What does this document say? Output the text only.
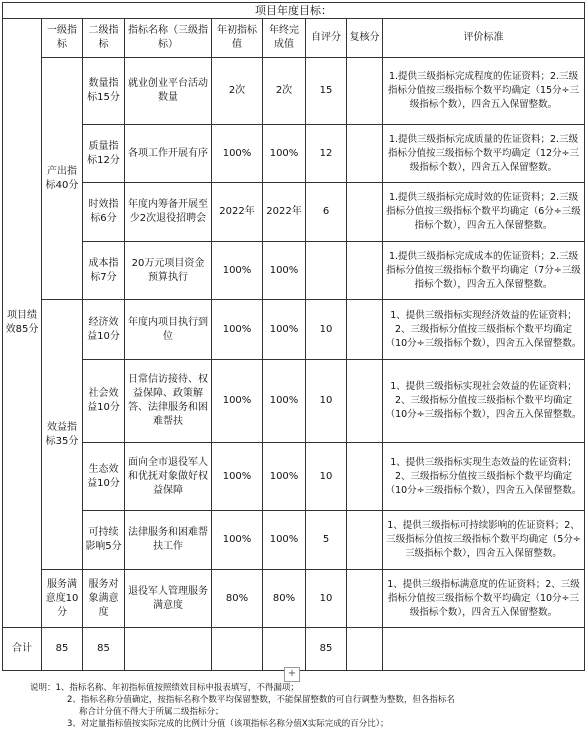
项目年度目标：								
项目绩效85分	一级指标	二级指标	指标名称（三级指标）	年初指标值	年终完成值	自评分	复核分	评价标准
	产出指标40分	数量指标15分	就业创业平台活动数量	2次	2次	15		1.提供三级指标完成程度的佐证资料；2.三级指标分值按三级指标个数平均确定（15分÷三级指标个数），四舍五入保留整数。
		质量指标12分	各项工作开展有序	100%	100%	12		1.提供三级指标完成质量的佐证资料；2.三级指标分值按三级指标个数平均确定（12分÷三级指标个数），四舍五入保留整数。
		时效指标6分	年度内筹备开展至少2次退役招聘会	2022年	2022年	6		1.提供三级指标完成时效的佐证资料；2.三级指标分值按三级指标个数平均确定（6分÷三级指标个数），四舍五入保留整数。
		成本指标7分	20万元项目资金预算执行	100%	100%			1.提供三级指标完成成本的佐证资料；2.三级指标分值按三级指标个数平均确定（7分÷三级指标个数），四舍五入保留整数。
	效益指标35分	经济效益10分	年度内项目执行到位	100%	100%	10		1、提供三级指标实现经济效益的佐证资料；2、三级指标分值按三级指标个数平均确定（10分÷三级指标个数），四舍五入保留整数。
		社会效益10分	日常信访接待、权益保障、政策解答、法律服务和困难帮扶	100%	100%	10		1、提供三级指标实现社会效益的佐证资料；2、三级指标分值按三级指标个数平均确定（10分÷三级指标个数），四舍五入保留整数。
		生态效益10分	面向全市退役军人和优抚对象做好权益保障	100%	100%	10		1、提供三级指标实现生态效益的佐证资料；2、三级指标分值按三级指标个数平均确定（10分÷三级指标个数），四舍五入保留整数。
		可持续影响5分	法律服务和困难帮扶工作	100%	100%	5		1、提供三级指标可持续影响的佐证资料；2、三级指标分值按三级指标个数平均确定（5分÷三级指标个数），四舍五入保留整数。
	服务满意度10分	服务对象满意度	退役军人管理服务满意度	80%	80%	10		1、提供三级指标满意度的佐证资料；2、三级指标分值按三级指标个数平均确定（10分÷三级指标个数），四舍五入保留整数。
合计	85	85				85		
+
说明：1、指标名称、年初指标值按照绩效目标申报表填写，不得漏项；
2、指标名称分值确定，按指标名称个数平均保留整数，不能保留整数的可自行调整为整数，但各指标名
称合计分值不得大于所属二级指标分；
3、对定量指标值按实际完成的比例计分值（该项指标名称分值X实际完成的百分比）；
